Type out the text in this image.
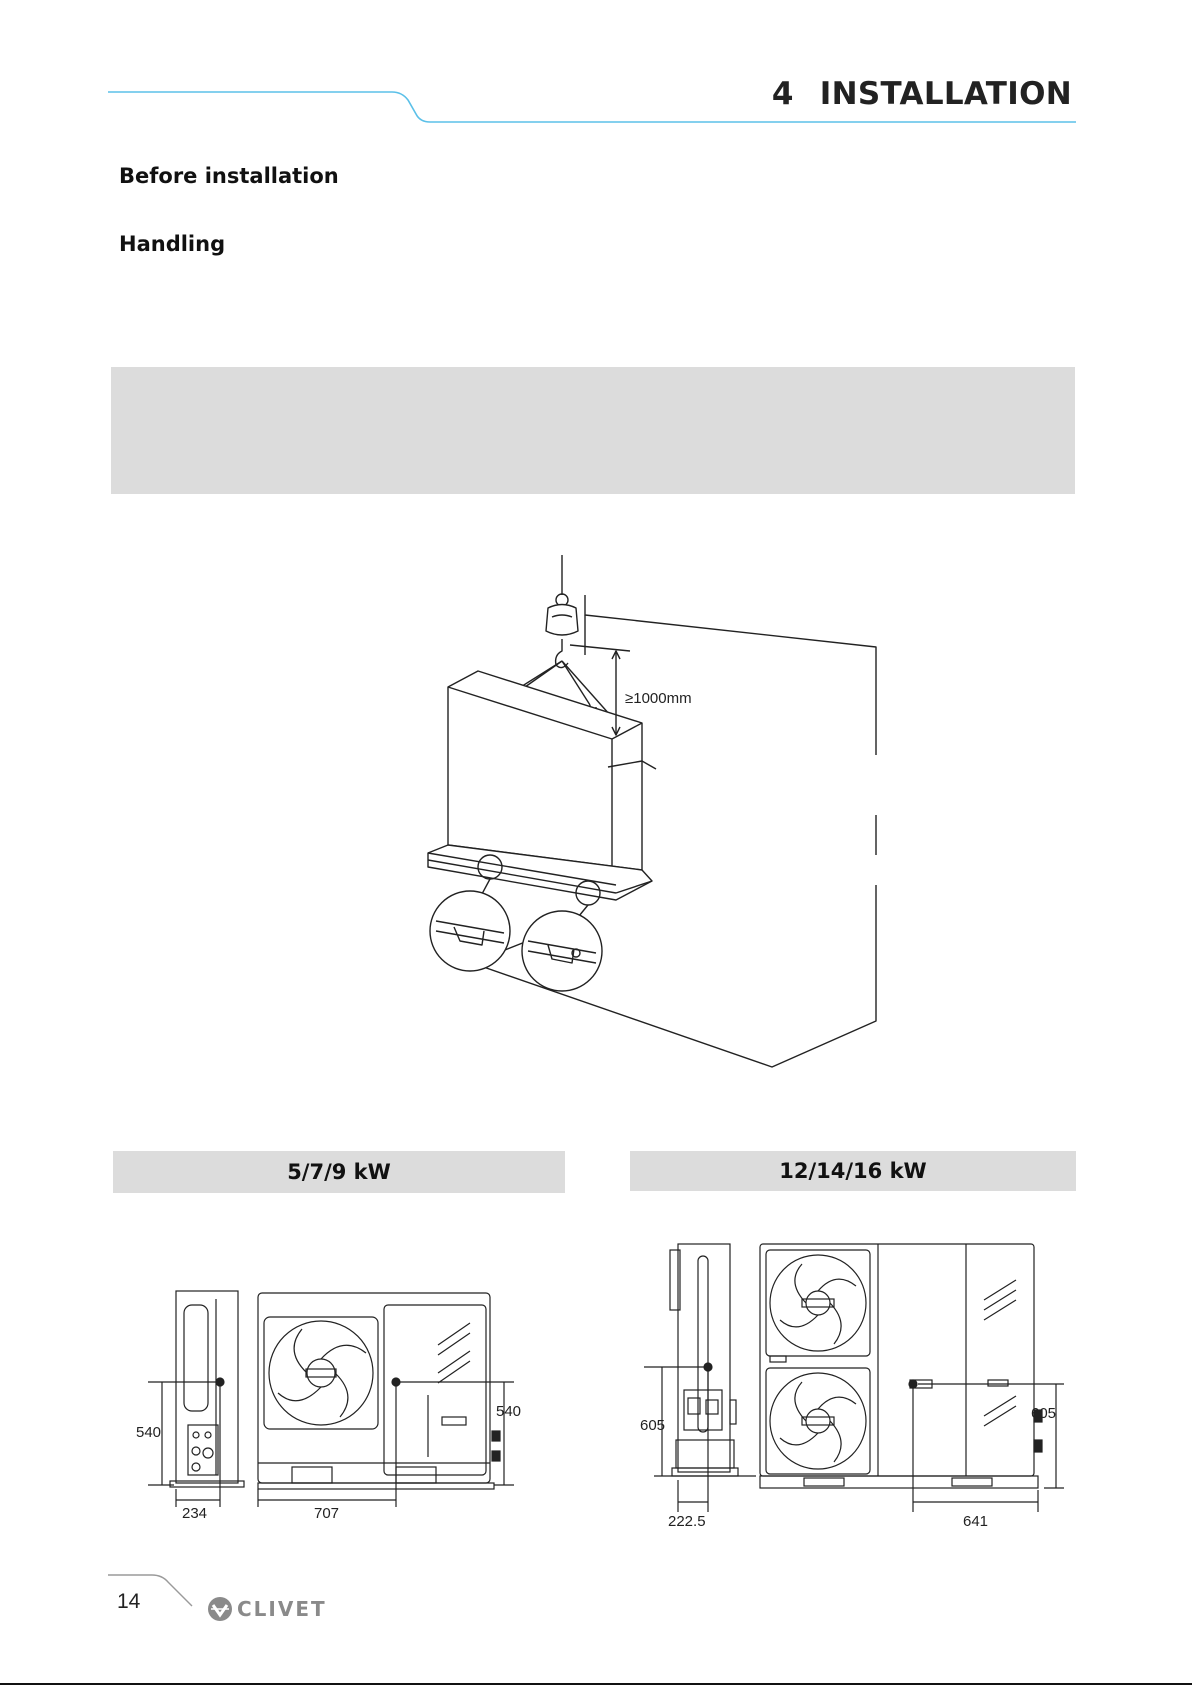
4 INSTALLATION
Before installation
Handling
≥1000mm
5/7/9 kW	12/14/16 kW
540
540
234	707
605
605
222.5	641
14	CLIVET
